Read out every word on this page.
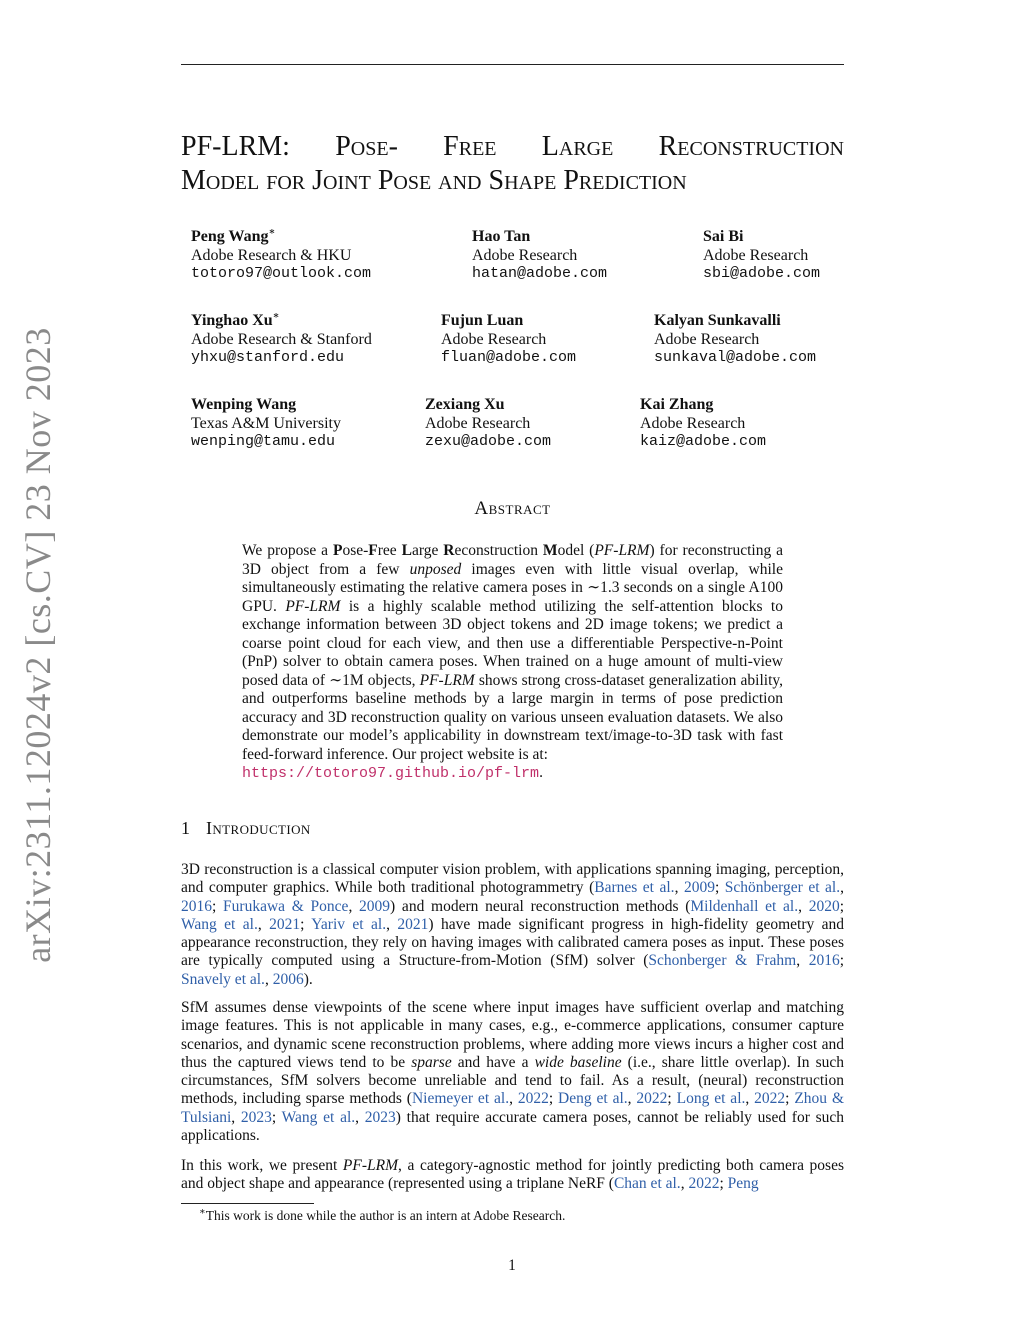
arXiv:2311.12024v2 [cs.CV] 23 Nov 2023
PF-LRM: Pose- Free Large Reconstruction
Model for Joint Pose and Shape Prediction
Peng Wang∗
Adobe Research & HKU
totoro97@outlook.com
Hao Tan
Adobe Research
hatan@adobe.com
Sai Bi
Adobe Research
sbi@adobe.com
Yinghao Xu∗
Adobe Research & Stanford
yhxu@stanford.edu
Fujun Luan
Adobe Research
fluan@adobe.com
Kalyan Sunkavalli
Adobe Research
sunkaval@adobe.com
Wenping Wang
Texas A&M University
wenping@tamu.edu
Zexiang Xu
Adobe Research
zexu@adobe.com
Kai Zhang
Adobe Research
kaiz@adobe.com
Abstract

We propose a Pose-Free Large Reconstruction Model (PF-LRM) for reconstructing a 3D object from a few unposed images even with little visual overlap, while simultaneously estimating the relative camera poses in ∼1.3 seconds on a single A100 GPU. PF-LRM is a highly scalable method utilizing the self-attention blocks to exchange information between 3D object tokens and 2D image tokens; we predict a coarse point cloud for each view, and then use a differentiable Perspective-n-Point (PnP) solver to obtain camera poses. When trained on a huge amount of multi-view posed data of ∼1M objects, PF-LRM shows strong cross-dataset generalization ability, and outperforms baseline methods by a large margin in terms of pose prediction accuracy and 3D reconstruction quality on various unseen evaluation datasets. We also demonstrate our model’s applicability in downstream text/image-to-3D task with fast feed-forward inference. Our project website is at:
https://totoro97.github.io/pf-lrm.

1 Introduction

3D reconstruction is a classical computer vision problem, with applications spanning imaging, perception, and computer graphics. While both traditional photogrammetry (Barnes et al., 2009; Schönberger et al., 2016; Furukawa & Ponce, 2009) and modern neural reconstruction methods (Mildenhall et al., 2020; Wang et al., 2021; Yariv et al., 2021) have made significant progress in high-fidelity geometry and appearance reconstruction, they rely on having images with calibrated camera poses as input. These poses are typically computed using a Structure-from-Motion (SfM) solver (Schonberger & Frahm, 2016; Snavely et al., 2006).

SfM assumes dense viewpoints of the scene where input images have sufficient overlap and matching image features. This is not applicable in many cases, e.g., e-commerce applications, consumer capture scenarios, and dynamic scene reconstruction problems, where adding more views incurs a higher cost and thus the captured views tend to be sparse and have a wide baseline (i.e., share little overlap). In such circumstances, SfM solvers become unreliable and tend to fail. As a result, (neural) reconstruction methods, including sparse methods (Niemeyer et al., 2022; Deng et al., 2022; Long et al., 2022; Zhou & Tulsiani, 2023; Wang et al., 2023) that require accurate camera poses, cannot be reliably used for such applications.

In this work, we present PF-LRM, a category-agnostic method for jointly predicting both camera poses and object shape and appearance (represented using a triplane NeRF (Chan et al., 2022; Peng

∗This work is done while the author is an intern at Adobe Research.
1
